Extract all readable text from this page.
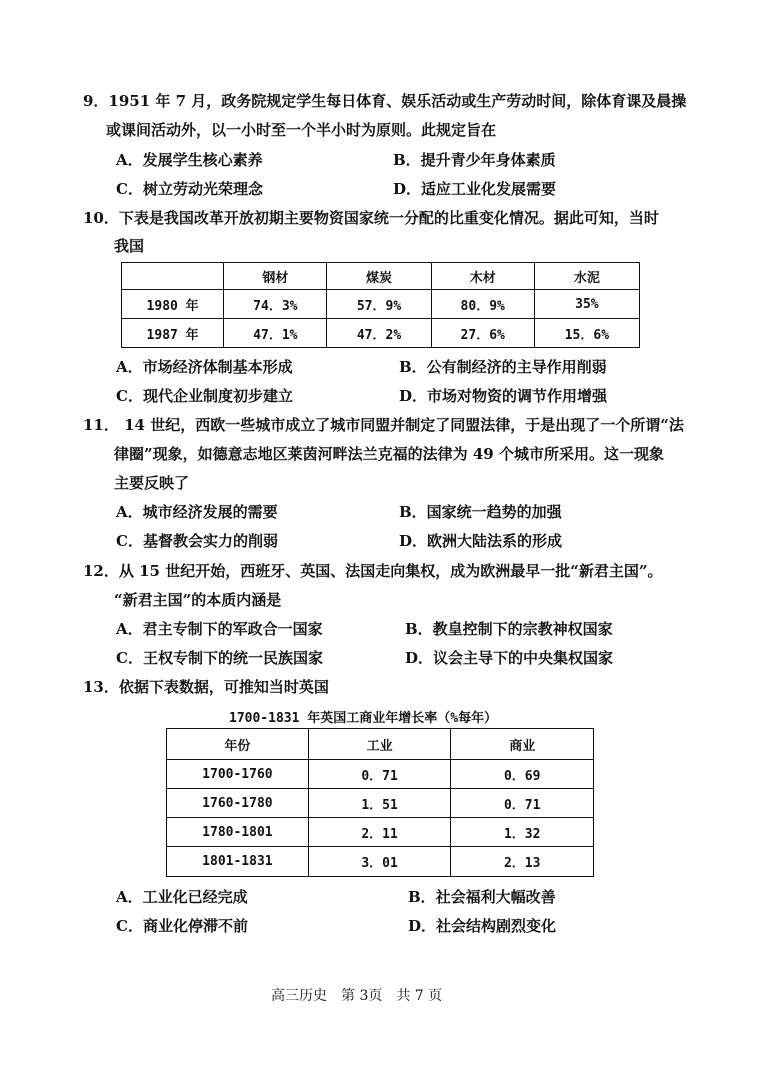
9．1951 年 7 月，政务院规定学生每日体育、娱乐活动或生产劳动时间，除体育课及晨操
或课间活动外，以一小时至一个半小时为原则。此规定旨在
A．发展学生核心素养	B．提升青少年身体素质
C．树立劳动光荣理念	D．适应工业化发展需要
10．下表是我国改革开放初期主要物资国家统一分配的比重变化情况。据此可知，当时
我国
	钢材	煤炭	木材	水泥
1980 年	74．3%	57．9%	80．9%	35%
1987 年	47．1%	47．2%	27．6%	15．6%
A．市场经济体制基本形成	B．公有制经济的主导作用削弱
C．现代企业制度初步建立	D．市场对物资的调节作用增强
11． 14 世纪，西欧一些城市成立了城市同盟并制定了同盟法律，于是出现了一个所谓“法
律圈”现象，如德意志地区莱茵河畔法兰克福的法律为 49 个城市所采用。这一现象
主要反映了
A．城市经济发展的需要	B．国家统一趋势的加强
C．基督教会实力的削弱	D．欧洲大陆法系的形成
12．从 15 世纪开始，西班牙、英国、法国走向集权，成为欧洲最早一批“新君主国”。
“新君主国”的本质内涵是
A．君主专制下的军政合一国家	B．教皇控制下的宗教神权国家
C．王权专制下的统一民族国家	D．议会主导下的中央集权国家
13．依据下表数据，可推知当时英国
1700-1831 年英国工商业年增长率（%每年）
年份	工业	商业
1700-1760	0．71	0．69
1760-1780	1．51	0．71
1780-1801	2．11	1．32
1801-1831	3．01	2．13
A．工业化已经完成	B．社会福利大幅改善
C．商业化停滞不前	D．社会结构剧烈变化
高三历史　第 3页　共 7 页
